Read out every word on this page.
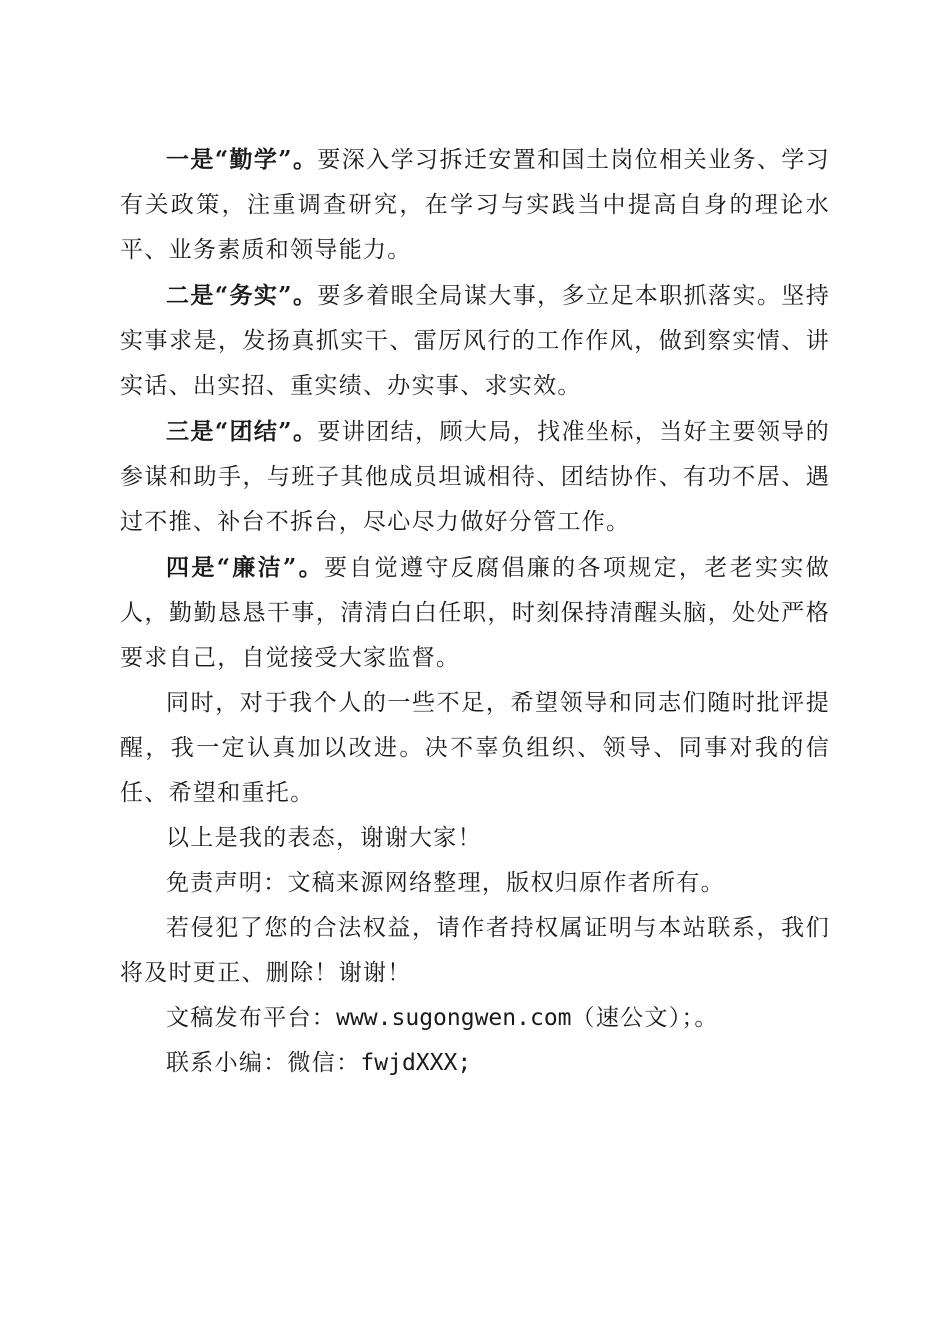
一是“勤学”。要深入学习拆迁安置和国土岗位相关业务、学习有关政策，注重调查研究，在学习与实践当中提高自身的理论水平、业务素质和领导能力。

二是“务实”。要多着眼全局谋大事，多立足本职抓落实。坚持实事求是，发扬真抓实干、雷厉风行的工作作风，做到察实情、讲实话、出实招、重实绩、办实事、求实效。

三是“团结”。要讲团结，顾大局，找准坐标，当好主要领导的参谋和助手，与班子其他成员坦诚相待、团结协作、有功不居、遇过不推、补台不拆台，尽心尽力做好分管工作。

四是“廉洁”。要自觉遵守反腐倡廉的各项规定，老老实实做人，勤勤恳恳干事，清清白白任职，时刻保持清醒头脑，处处严格要求自己，自觉接受大家监督。

同时，对于我个人的一些不足，希望领导和同志们随时批评提醒，我一定认真加以改进。决不辜负组织、领导、同事对我的信任、希望和重托。

以上是我的表态，谢谢大家！

免责声明：文稿来源网络整理，版权归原作者所有。

若侵犯了您的合法权益，请作者持权属证明与本站联系，我们将及时更正、删除！谢谢！

文稿发布平台：www.sugongwen.com（速公文）；。

联系小编：微信：fwjdXXX;
